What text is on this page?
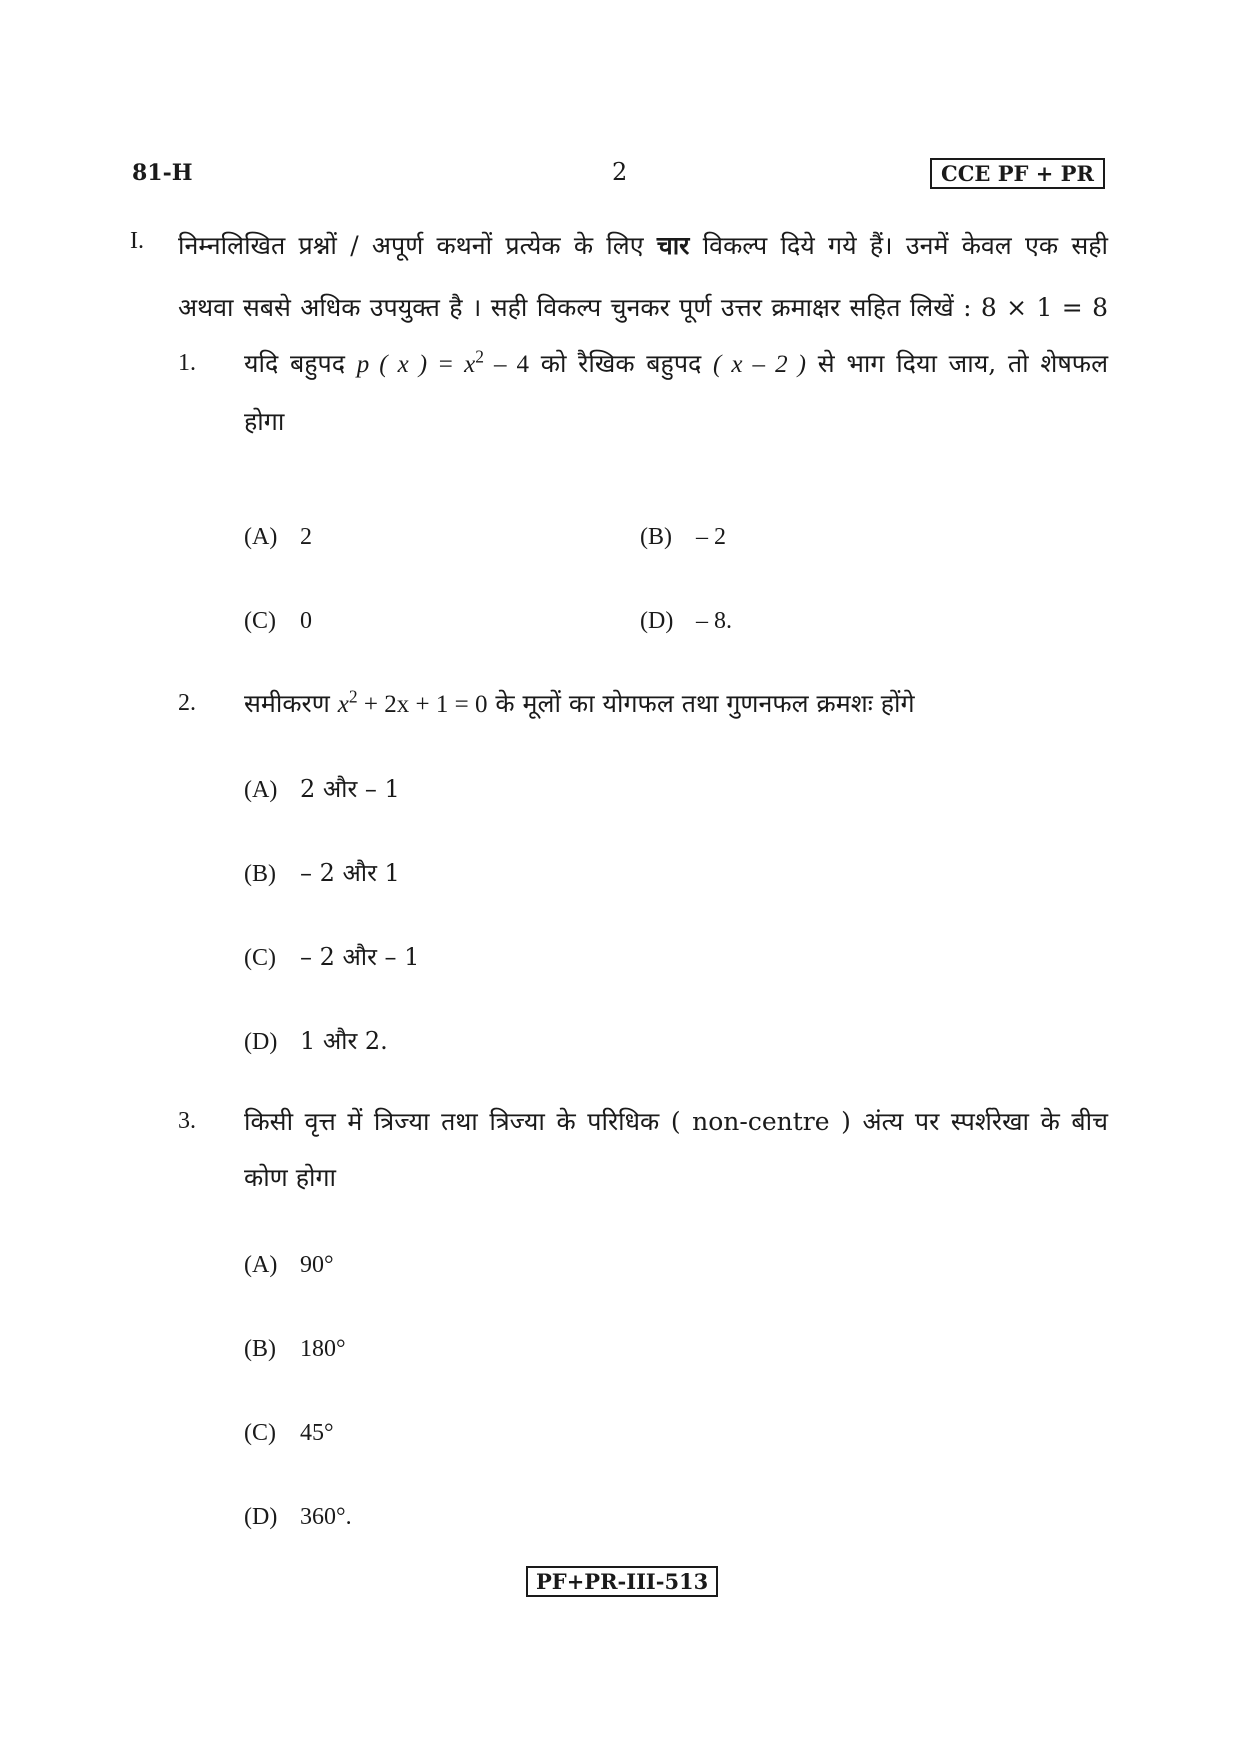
81-H	2	CCE PF + PR
I. निम्नलिखित प्रश्नों / अपूर्ण कथनों प्रत्येक के लिए चार विकल्प दिये गये हैं। उनमें केवल एक सही
अथवा सबसे अधिक उपयुक्त है । सही विकल्प चुनकर पूर्ण उत्तर क्रमाक्षर सहित लिखें : 8 × 1 = 8
1. यदि बहुपद p ( x ) = $x^2 - 4$ को रैखिक बहुपद ( x – 2 ) से भाग दिया जाय, तो शेषफल
होगा
(A) 2	(B) – 2
(C) 0	(D) – 8.
2. समीकरण $x^2 + 2x + 1 = 0$ के मूलों का योगफल तथा गुणनफल क्रमशः होंगे
(A) 2 और – 1
(B) – 2 और 1
(C) – 2 और – 1
(D) 1 और 2.
3. किसी वृत्त में त्रिज्या तथा त्रिज्या के परिधिक ( non-centre ) अंत्य पर स्पर्शरेखा के बीच
कोण होगा
(A) 90°
(B) 180°
(C) 45°
(D) 360°.
PF+PR-III-513
